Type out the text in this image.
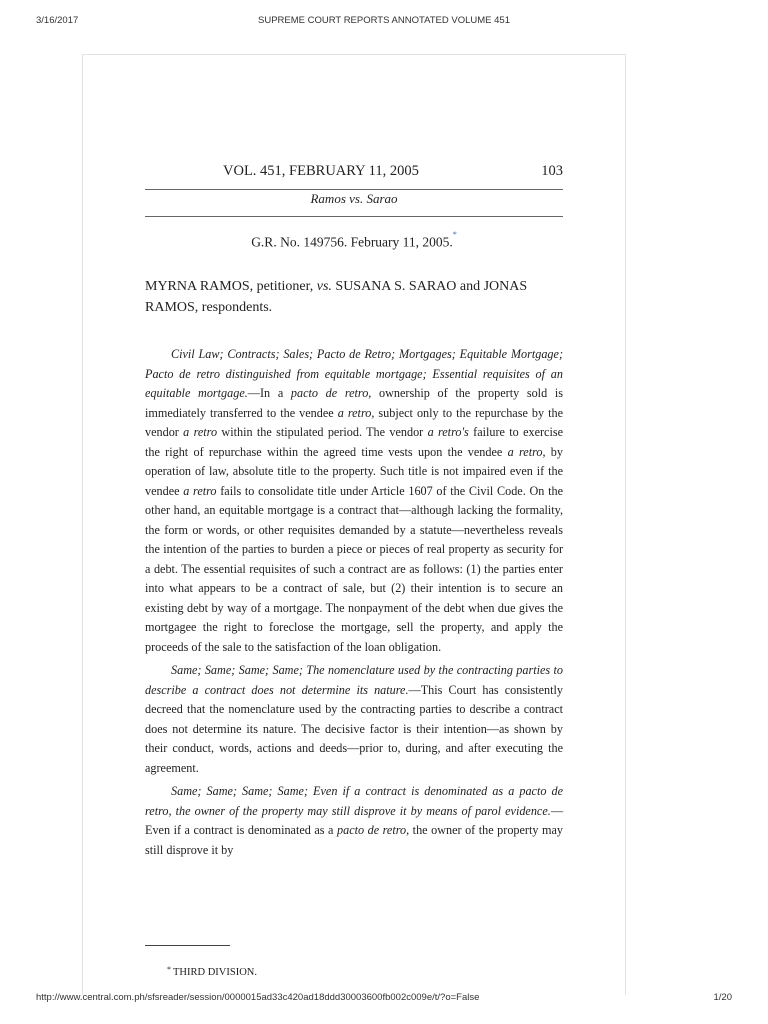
3/16/2017	SUPREME COURT REPORTS ANNOTATED VOLUME 451
VOL. 451, FEBRUARY 11, 2005	103
Ramos vs. Sarao
G.R. No. 149756. February 11, 2005.*
MYRNA RAMOS, petitioner, vs. SUSANA S. SARAO and JONAS RAMOS, respondents.

Civil Law; Contracts; Sales; Pacto de Retro; Mortgages; Equitable Mortgage; Pacto de retro distinguished from equitable mortgage; Essential requisites of an equitable mortgage.—In a pacto de retro, ownership of the property sold is immediately transferred to the vendee a retro, subject only to the repurchase by the vendor a retro within the stipulated period. The vendor a retro's failure to exercise the right of repurchase within the agreed time vests upon the vendee a retro, by operation of law, absolute title to the property. Such title is not impaired even if the vendee a retro fails to consolidate title under Article 1607 of the Civil Code. On the other hand, an equitable mortgage is a contract that—although lacking the formality, the form or words, or other requisites demanded by a statute—nevertheless reveals the intention of the parties to burden a piece or pieces of real property as security for a debt. The essential requisites of such a contract are as follows: (1) the parties enter into what appears to be a contract of sale, but (2) their intention is to secure an existing debt by way of a mortgage. The nonpayment of the debt when due gives the mortgagee the right to foreclose the mortgage, sell the property, and apply the proceeds of the sale to the satisfaction of the loan obligation.

Same; Same; Same; Same; The nomenclature used by the contracting parties to describe a contract does not determine its nature.—This Court has consistently decreed that the nomenclature used by the contracting parties to describe a contract does not determine its nature. The decisive factor is their intention—as shown by their conduct, words, actions and deeds—prior to, during, and after executing the agreement.

Same; Same; Same; Same; Even if a contract is denominated as a pacto de retro, the owner of the property may still disprove it by means of parol evidence.—Even if a contract is denominated as a pacto de retro, the owner of the property may still disprove it by

* THIRD DIVISION.
http://www.central.com.ph/sfsreader/session/0000015ad33c420ad18ddd30003600fb002c009e/t/?o=False	1/20
